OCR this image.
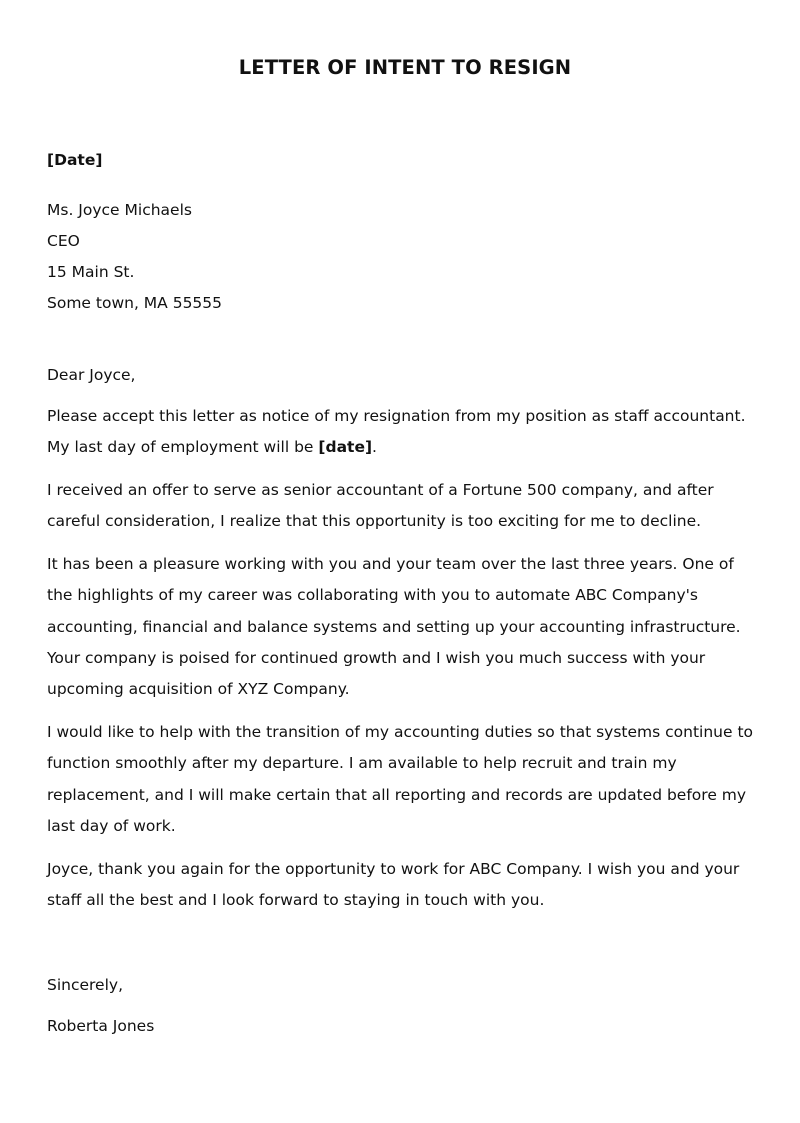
LETTER OF INTENT TO RESIGN
[Date]
Ms. Joyce Michaels
CEO
15 Main St.
Some town, MA 55555
Dear Joyce,
Please accept this letter as notice of my resignation from my position as staff accountant.
My last day of employment will be [date].
I received an offer to serve as senior accountant of a Fortune 500 company, and after
careful consideration, I realize that this opportunity is too exciting for me to decline.
It has been a pleasure working with you and your team over the last three years. One of
the highlights of my career was collaborating with you to automate ABC Company's
accounting, financial and balance systems and setting up your accounting infrastructure.
Your company is poised for continued growth and I wish you much success with your
upcoming acquisition of XYZ Company.
I would like to help with the transition of my accounting duties so that systems continue to
function smoothly after my departure. I am available to help recruit and train my
replacement, and I will make certain that all reporting and records are updated before my
last day of work.
Joyce, thank you again for the opportunity to work for ABC Company. I wish you and your
staff all the best and I look forward to staying in touch with you.
Sincerely,
Roberta Jones
